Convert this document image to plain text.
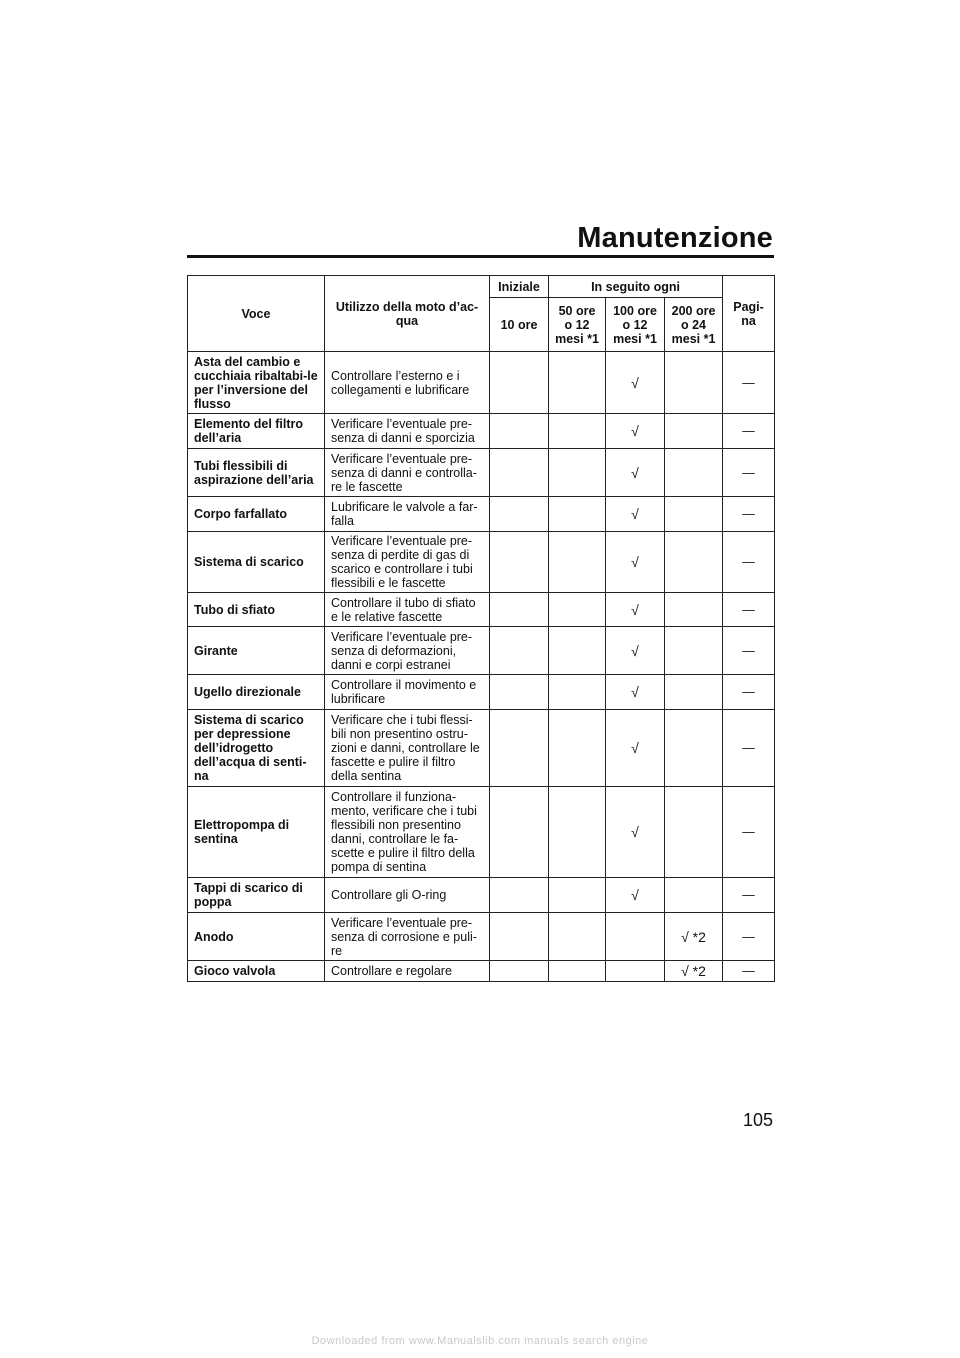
Manutenzione
Voce	Utilizzo della moto d’ac-qua	Iniziale	In seguito ogni			Pagi-na
		10 ore	50 ore o 12 mesi *1	100 ore o 12 mesi *1	200 ore o 24 mesi *1	
Asta del cambio e cucchiaia ribaltabi-le per l’inversione del flusso	Controllare l’esterno e i collegamenti e lubrificare			√		—
Elemento del filtro dell’aria	Verificare l’eventuale pre-senza di danni e sporcizia			√		—
Tubi flessibili di aspirazione dell’aria	Verificare l’eventuale pre-senza di danni e controlla-re le fascette			√		—
Corpo farfallato	Lubrificare le valvole a far-falla			√		—
Sistema di scarico	Verificare l’eventuale pre-senza di perdite di gas di scarico e controllare i tubi flessibili e le fascette			√		—
Tubo di sfiato	Controllare il tubo di sfiato e le relative fascette			√		—
Girante	Verificare l’eventuale pre-senza di deformazioni, danni e corpi estranei			√		—
Ugello direzionale	Controllare il movimento e lubrificare			√		—
Sistema di scarico per depressione dell’idrogetto dell’acqua di senti-na	Verificare che i tubi flessi-bili non presentino ostru-zioni e danni, controllare le fascette e pulire il filtro della sentina			√		—
Elettropompa di sentina	Controllare il funziona-mento, verificare che i tubi flessibili non presentino danni, controllare le fa-scette e pulire il filtro della pompa di sentina			√		—
Tappi di scarico di poppa	Controllare gli O-ring			√		—
Anodo	Verificare l’eventuale pre-senza di corrosione e puli-re				√ *2	—
Gioco valvola	Controllare e regolare				√ *2	—
105
Downloaded from www.Manualslib.com manuals search engine
